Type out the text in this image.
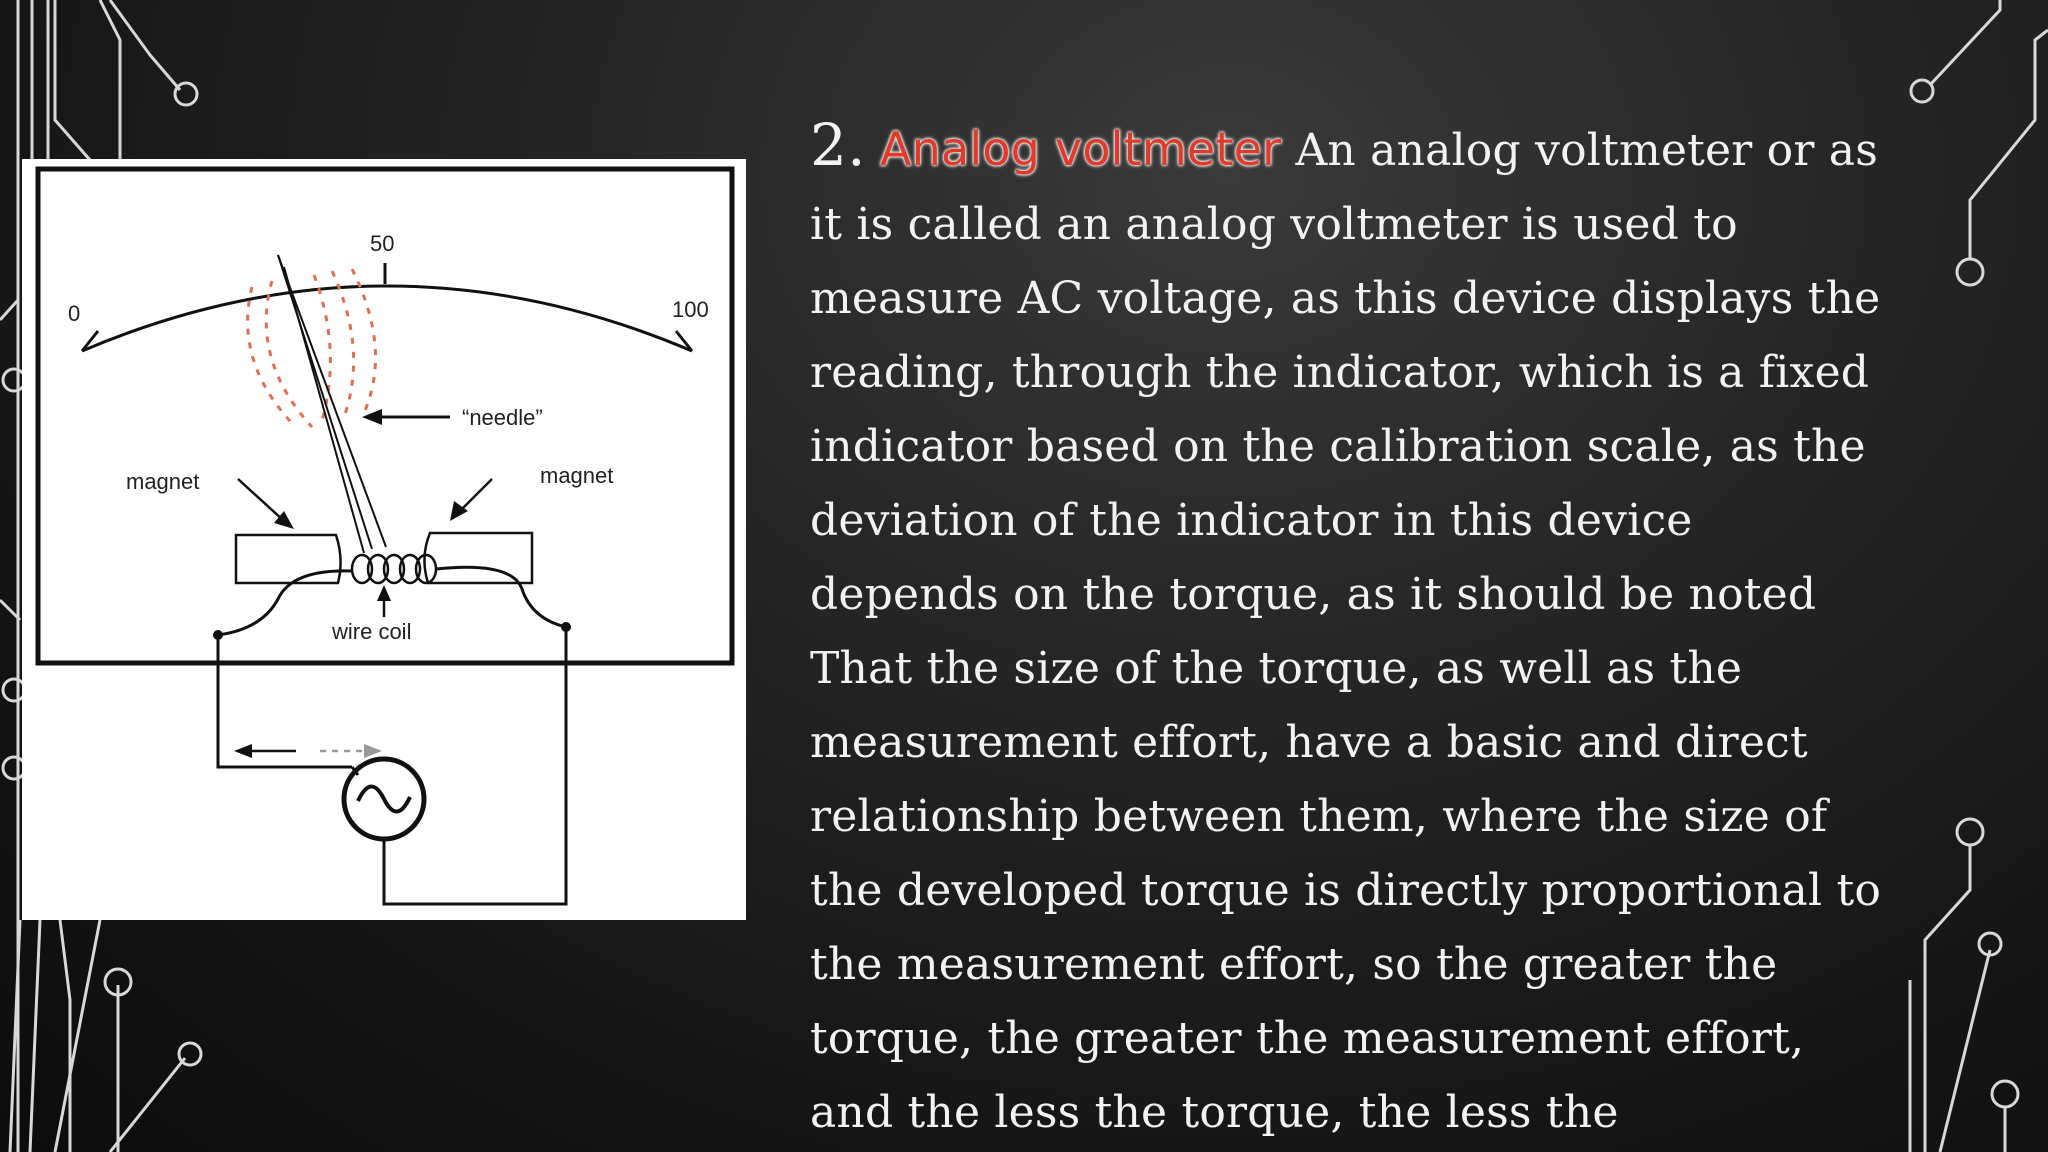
0
50
100
“needle”
magnet	magnet
wire coil

2. Analog voltmeter An analog voltmeter or as
it is called an analog voltmeter is used to
measure AC voltage, as this device displays the
reading, through the indicator, which is a fixed
indicator based on the calibration scale, as the
deviation of the indicator in this device
depends on the torque, as it should be noted
That the size of the torque, as well as the
measurement effort, have a basic and direct
relationship between them, where the size of
the developed torque is directly proportional to
the measurement effort, so the greater the
torque, the greater the measurement effort,
and the less the torque, the less the
